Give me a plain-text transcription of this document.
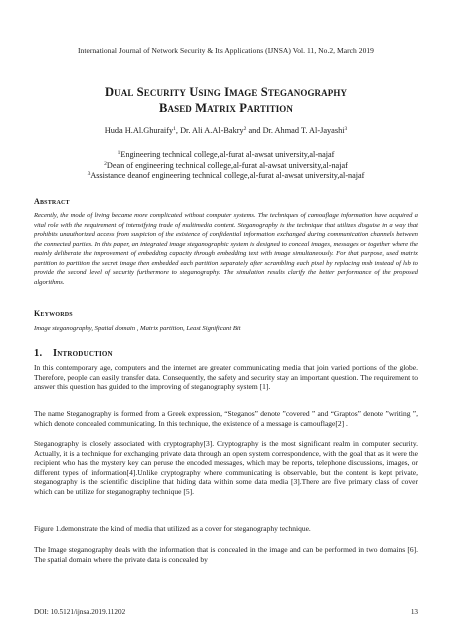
International Journal of Network Security & Its Applications (IJNSA) Vol. 11, No.2, March 2019
Dual Security Using Image Steganography
Based Matrix Partition
Huda H.Al.Ghuraify$^1$, Dr. Ali A.Al-Bakry$^2$ and Dr. Ahmad T. Al-Jayashi$^3$
$^1$Engineering technical college,al-furat al-awsat university,al-najaf
$^2$Dean of engineering technical college,al-furat al-awsat university,al-najaf
$^3$Assistance deanof engineering technical college,al-furat al-awsat university,al-najaf
Abstract
Recently, the mode of living became more complicated without computer systems. The techniques of camouflage information have acquired a vital role with the requirement of intensifying trade of multimedia content. Steganography is the technique that utilizes disguise in a way that prohibits unauthorized access from suspicion of the existence of confidential information exchanged during communication channels between the connected parties. In this paper, an integrated image steganographic system is designed to conceal images, messages or together where the mainly deliberate the improvement of embedding capacity through embedding text with image simultaneously. For that purpose, used matrix partition to partition the secret image then embedded each partition separately after scrambling each pixel by replacing msb instead of lsb to provide the second level of security furthermore to steganography. The simulation results clarify the better performance of the proposed algorithms.
Keywords
Image steganography, Spatial domain , Matrix partition, Least Significant Bit
1. Introduction
In this contemporary age, computers and the internet are greater communicating media that join varied portions of the globe. Therefore, people can easily transfer data. Consequently, the safety and security stay an important question. The requirement to answer this question has guided to the improving of steganography system [1].
The name Steganography is formed from a Greek expression, “Steganos” denote ”covered ” and “Graptos” denote ”writing ”, which denote concealed communicating. In this technique, the existence of a message is camouflage[2] .
Steganography is closely associated with cryptography[3]. Cryptography is the most significant realm in computer security. Actually, it is a technique for exchanging private data through an open system correspondence, with the goal that as it were the recipient who has the mystery key can peruse the encoded messages, which may be reports, telephone discussions, images, or different types of information[4].Unlike cryptography where communicating is observable, but the content is kept private, steganography is the scientific discipline that hiding data within some data media [3].There are five primary class of cover which can be utilize for steganography technique [5].
Figure 1.demonstrate the kind of media that utilized as a cover for steganography technique.
The Image steganography deals with the information that is concealed in the image and can be performed in two domains [6]. The spatial domain where the private data is concealed by
DOI: 10.5121/ijnsa.2019.11202	13
